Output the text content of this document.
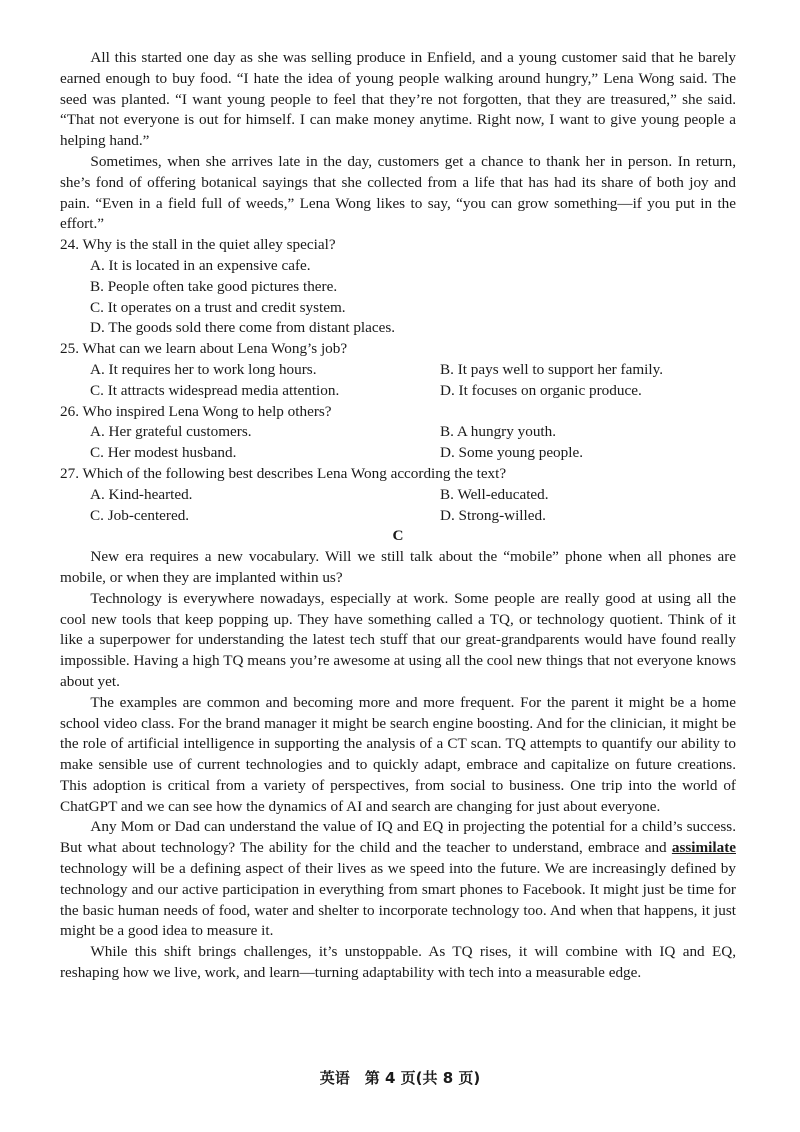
All this started one day as she was selling produce in Enfield, and a young customer said that he barely earned enough to buy food. “I hate the idea of young people walking around hungry,” Lena Wong said. The seed was planted. “I want young people to feel that they’re not forgotten, that they are treasured,” she said. “That not everyone is out for himself. I can make money anytime. Right now, I want to give young people a helping hand.”

Sometimes, when she arrives late in the day, customers get a chance to thank her in person. In return, she’s fond of offering botanical sayings that she collected from a life that has had its share of both joy and pain. “Even in a field full of weeds,” Lena Wong likes to say, “you can grow something—if you put in the effort.”

24. Why is the stall in the quiet alley special?

A. It is located in an expensive cafe.

B. People often take good pictures there.

C. It operates on a trust and credit system.

D. The goods sold there come from distant places.

25. What can we learn about Lena Wong’s job?

A. It requires her to work long hours.	B. It pays well to support her family.
C. It attracts widespread media attention.	D. It focuses on organic produce.

26. Who inspired Lena Wong to help others?

A. Her grateful customers.	B. A hungry youth.
C. Her modest husband.	D. Some young people.

27. Which of the following best describes Lena Wong according the text?

A. Kind-hearted.	B. Well-educated.
C. Job-centered.	D. Strong-willed.

C

New era requires a new vocabulary. Will we still talk about the “mobile” phone when all phones are mobile, or when they are implanted within us?

Technology is everywhere nowadays, especially at work. Some people are really good at using all the cool new tools that keep popping up. They have something called a TQ, or technology quotient. Think of it like a superpower for understanding the latest tech stuff that our great-grandparents would have found really impossible. Having a high TQ means you’re awesome at using all the cool new things that not everyone knows about yet.

The examples are common and becoming more and more frequent. For the parent it might be a home school video class. For the brand manager it might be search engine boosting. And for the clinician, it might be the role of artificial intelligence in supporting the analysis of a CT scan. TQ attempts to quantify our ability to make sensible use of current technologies and to quickly adapt, embrace and capitalize on future creations. This adoption is critical from a variety of perspectives, from social to business. One trip into the world of ChatGPT and we can see how the dynamics of AI and search are changing for just about everyone.

Any Mom or Dad can understand the value of IQ and EQ in projecting the potential for a child’s success. But what about technology? The ability for the child and the teacher to understand, embrace and assimilate technology will be a defining aspect of their lives as we speed into the future. We are increasingly defined by technology and our active participation in everything from smart phones to Facebook. It might just be time for the basic human needs of food, water and shelter to incorporate technology too. And when that happens, it just might be a good idea to measure it.

While this shift brings challenges, it’s unstoppable. As TQ rises, it will combine with IQ and EQ, reshaping how we live, work, and learn—turning adaptability with tech into a measurable edge.

英语　第 4 页(共 8 页)
